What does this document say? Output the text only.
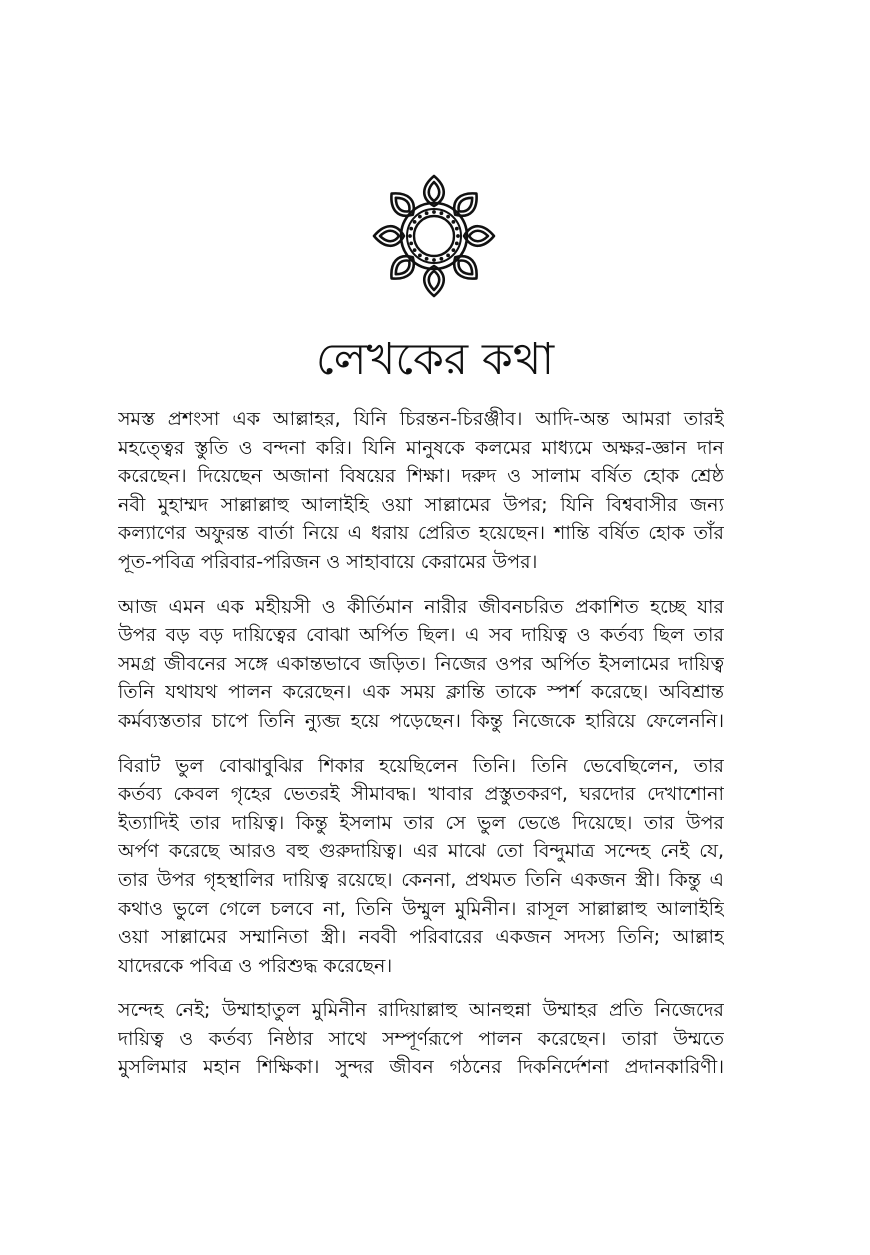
লেখকের কথা

সমস্ত প্রশংসা এক আল্লাহর, যিনি চিরন্তন-চিরঞ্জীব। আদি-অন্ত আমরা তারই
মহত্ত্বের স্তুতি ও বন্দনা করি। যিনি মানুষকে কলমের মাধ্যমে অক্ষর-জ্ঞান দান
করেছেন। দিয়েছেন অজানা বিষয়ের শিক্ষা। দরুদ ও সালাম বর্ষিত হোক শ্রেষ্ঠ
নবী মুহাম্মদ সাল্লাল্লাহু আলাইহি ওয়া সাল্লামের উপর; যিনি বিশ্ববাসীর জন্য
কল্যাণের অফুরন্ত বার্তা নিয়ে এ ধরায় প্রেরিত হয়েছেন। শান্তি বর্ষিত হোক তাঁর
পূত-পবিত্র পরিবার-পরিজন ও সাহাবায়ে কেরামের উপর।

আজ এমন এক মহীয়সী ও কীর্তিমান নারীর জীবনচরিত প্রকাশিত হচ্ছে যার
উপর বড় বড় দায়িত্বের বোঝা অর্পিত ছিল। এ সব দায়িত্ব ও কর্তব্য ছিল তার
সমগ্র জীবনের সঙ্গে একান্তভাবে জড়িত। নিজের ওপর অর্পিত ইসলামের দায়িত্ব
তিনি যথাযথ পালন করেছেন। এক সময় ক্লান্তি তাকে স্পর্শ করেছে। অবিশ্রান্ত
কর্মব্যস্ততার চাপে তিনি ন্যুব্জ হয়ে পড়েছেন। কিন্তু নিজেকে হারিয়ে ফেলেননি।

বিরাট ভুল বোঝাবুঝির শিকার হয়েছিলেন তিনি। তিনি ভেবেছিলেন, তার
কর্তব্য কেবল গৃহের ভেতরই সীমাবদ্ধ। খাবার প্রস্তুতকরণ, ঘরদোর দেখাশোনা
ইত্যাদিই তার দায়িত্ব। কিন্তু ইসলাম তার সে ভুল ভেঙে দিয়েছে। তার উপর
অর্পণ করেছে আরও বহু গুরুদায়িত্ব। এর মাঝে তো বিন্দুমাত্র সন্দেহ নেই যে,
তার উপর গৃহস্থালির দায়িত্ব রয়েছে। কেননা, প্রথমত তিনি একজন স্ত্রী। কিন্তু এ
কথাও ভুলে গেলে চলবে না, তিনি উম্মুল মুমিনীন। রাসূল সাল্লাল্লাহু আলাইহি
ওয়া সাল্লামের সম্মানিতা স্ত্রী। নববী পরিবারের একজন সদস্য তিনি; আল্লাহ
যাদেরকে পবিত্র ও পরিশুদ্ধ করেছেন।

সন্দেহ নেই; উম্মাহাতুল মুমিনীন রাদিয়াল্লাহু আনহুন্না উম্মাহর প্রতি নিজেদের
দায়িত্ব ও কর্তব্য নিষ্ঠার সাথে সম্পূর্ণরূপে পালন করেছেন। তারা উম্মতে
মুসলিমার মহান শিক্ষিকা। সুন্দর জীবন গঠনের দিকনির্দেশনা প্রদানকারিণী।
